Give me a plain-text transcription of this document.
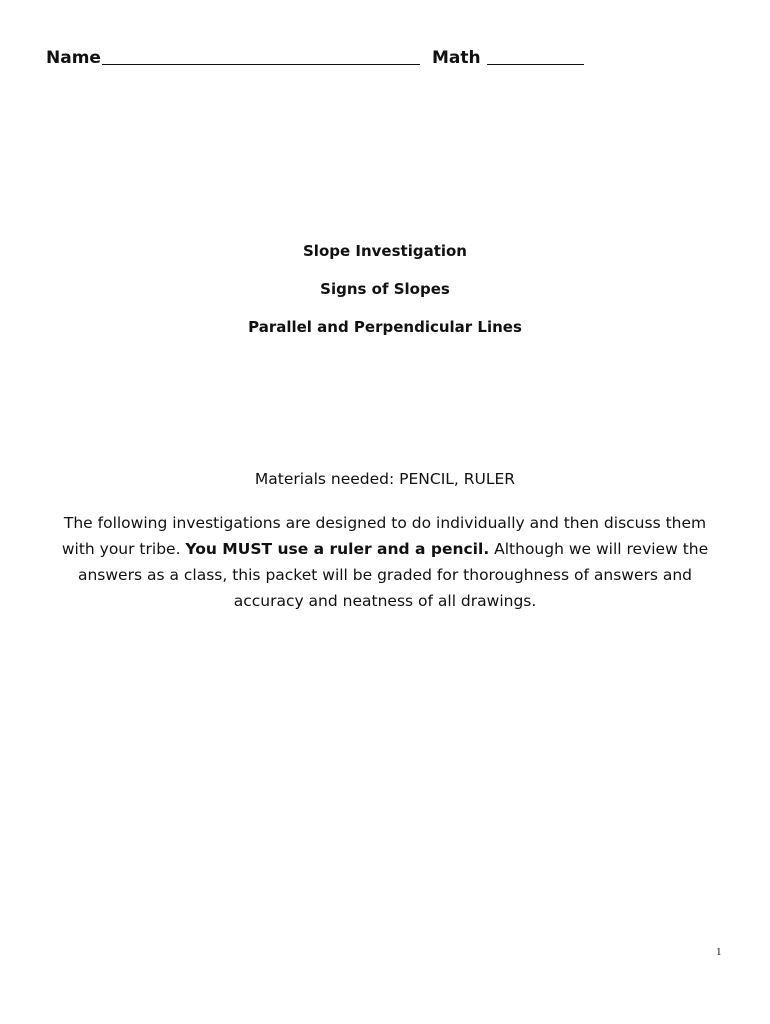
Name	Math
Slope Investigation
Signs of Slopes
Parallel and Perpendicular Lines
Materials needed: PENCIL, RULER
The following investigations are designed to do individually and then discuss them with your tribe. You MUST use a ruler and a pencil. Although we will review the answers as a class, this packet will be graded for thoroughness of answers and accuracy and neatness of all drawings.
1
